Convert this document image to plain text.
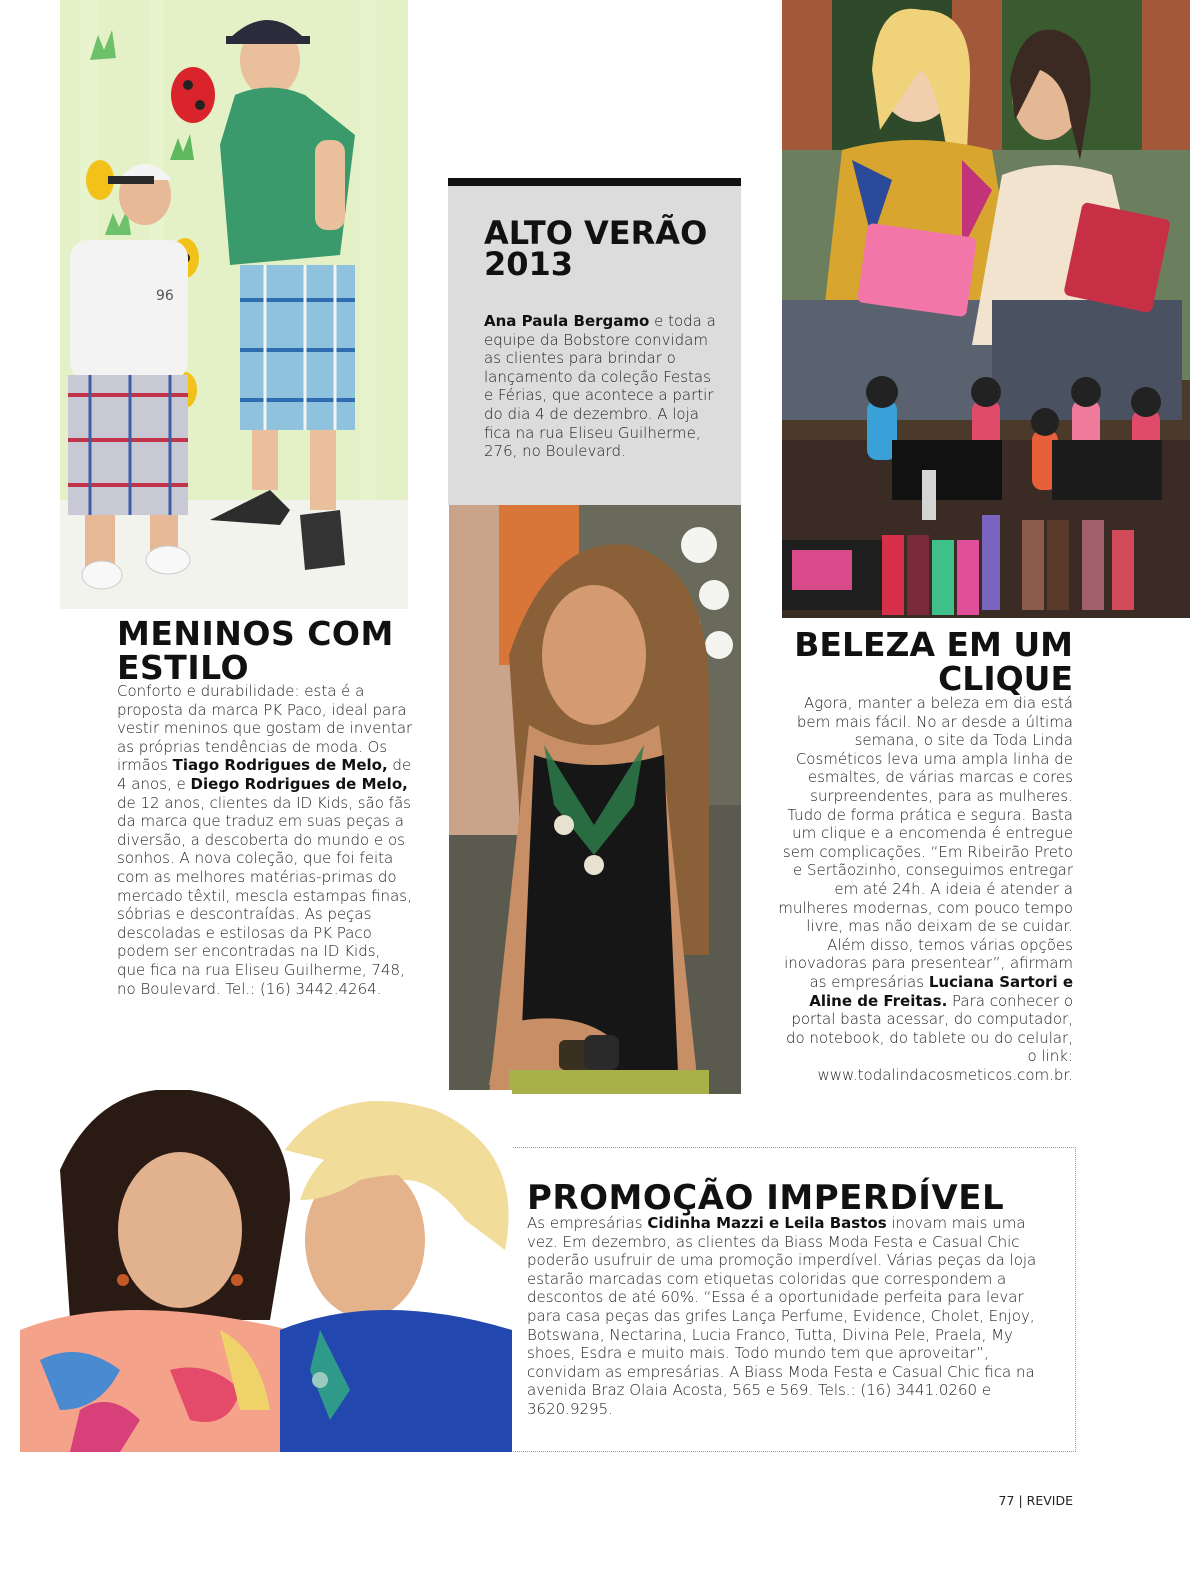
96
ALTO VERÃO 2013

Ana Paula Bergamo e toda a equipe da Bobstore convidam as clientes para brindar o lançamento da coleção Festas e Férias, que acontece a partir do dia 4 de dezembro. A loja fica na rua Eliseu Guilherme, 276, no Boulevard.

MENINOS COM ESTILO

Conforto e durabilidade: esta é a proposta da marca PK Paco, ideal para vestir meninos que gostam de inventar as próprias tendências de moda. Os irmãos Tiago Rodrigues de Melo, de 4 anos, e Diego Rodrigues de Melo, de 12 anos, clientes da ID Kids, são fãs da marca que traduz em suas peças a diversão, a descoberta do mundo e os sonhos. A nova coleção, que foi feita com as melhores matérias-primas do mercado têxtil, mescla estampas finas, sóbrias e descontraídas. As peças descoladas e estilosas da PK Paco podem ser encontradas na ID Kids, que fica na rua Eliseu Guilherme, 748, no Boulevard. Tel.: (16) 3442.4264.

BELEZA EM UM CLIQUE

Agora, manter a beleza em dia está bem mais fácil. No ar desde a última semana, o site da Toda Linda Cosméticos leva uma ampla linha de esmaltes, de várias marcas e cores surpreendentes, para as mulheres. Tudo de forma prática e segura. Basta um clique e a encomenda é entregue sem complicações. “Em Ribeirão Preto e Sertãozinho, conseguimos entregar em até 24h. A ideia é atender a mulheres modernas, com pouco tempo livre, mas não deixam de se cuidar. Além disso, temos várias opções inovadoras para presentear”, afirmam as empresárias Luciana Sartori e Aline de Freitas. Para conhecer o portal basta acessar, do computador, do notebook, do tablete ou do celular, o link: www.todalindacosmeticos.com.br.

PROMOÇÃO IMPERDÍVEL

As empresárias Cidinha Mazzi e Leila Bastos inovam mais uma vez. Em dezembro, as clientes da Biass Moda Festa e Casual Chic poderão usufruir de uma promoção imperdível. Várias peças da loja estarão marcadas com etiquetas coloridas que correspondem a descontos de até 60%. “Essa é a oportunidade perfeita para levar para casa peças das grifes Lança Perfume, Evidence, Cholet, Enjoy, Botswana, Nectarina, Lucia Franco, Tutta, Divina Pele, Praela, My shoes, Esdra e muito mais. Todo mundo tem que aproveitar”, convidam as empresárias. A Biass Moda Festa e Casual Chic fica na avenida Braz Olaia Acosta, 565 e 569. Tels.: (16) 3441.0260 e 3620.9295.

77 | REVIDE
